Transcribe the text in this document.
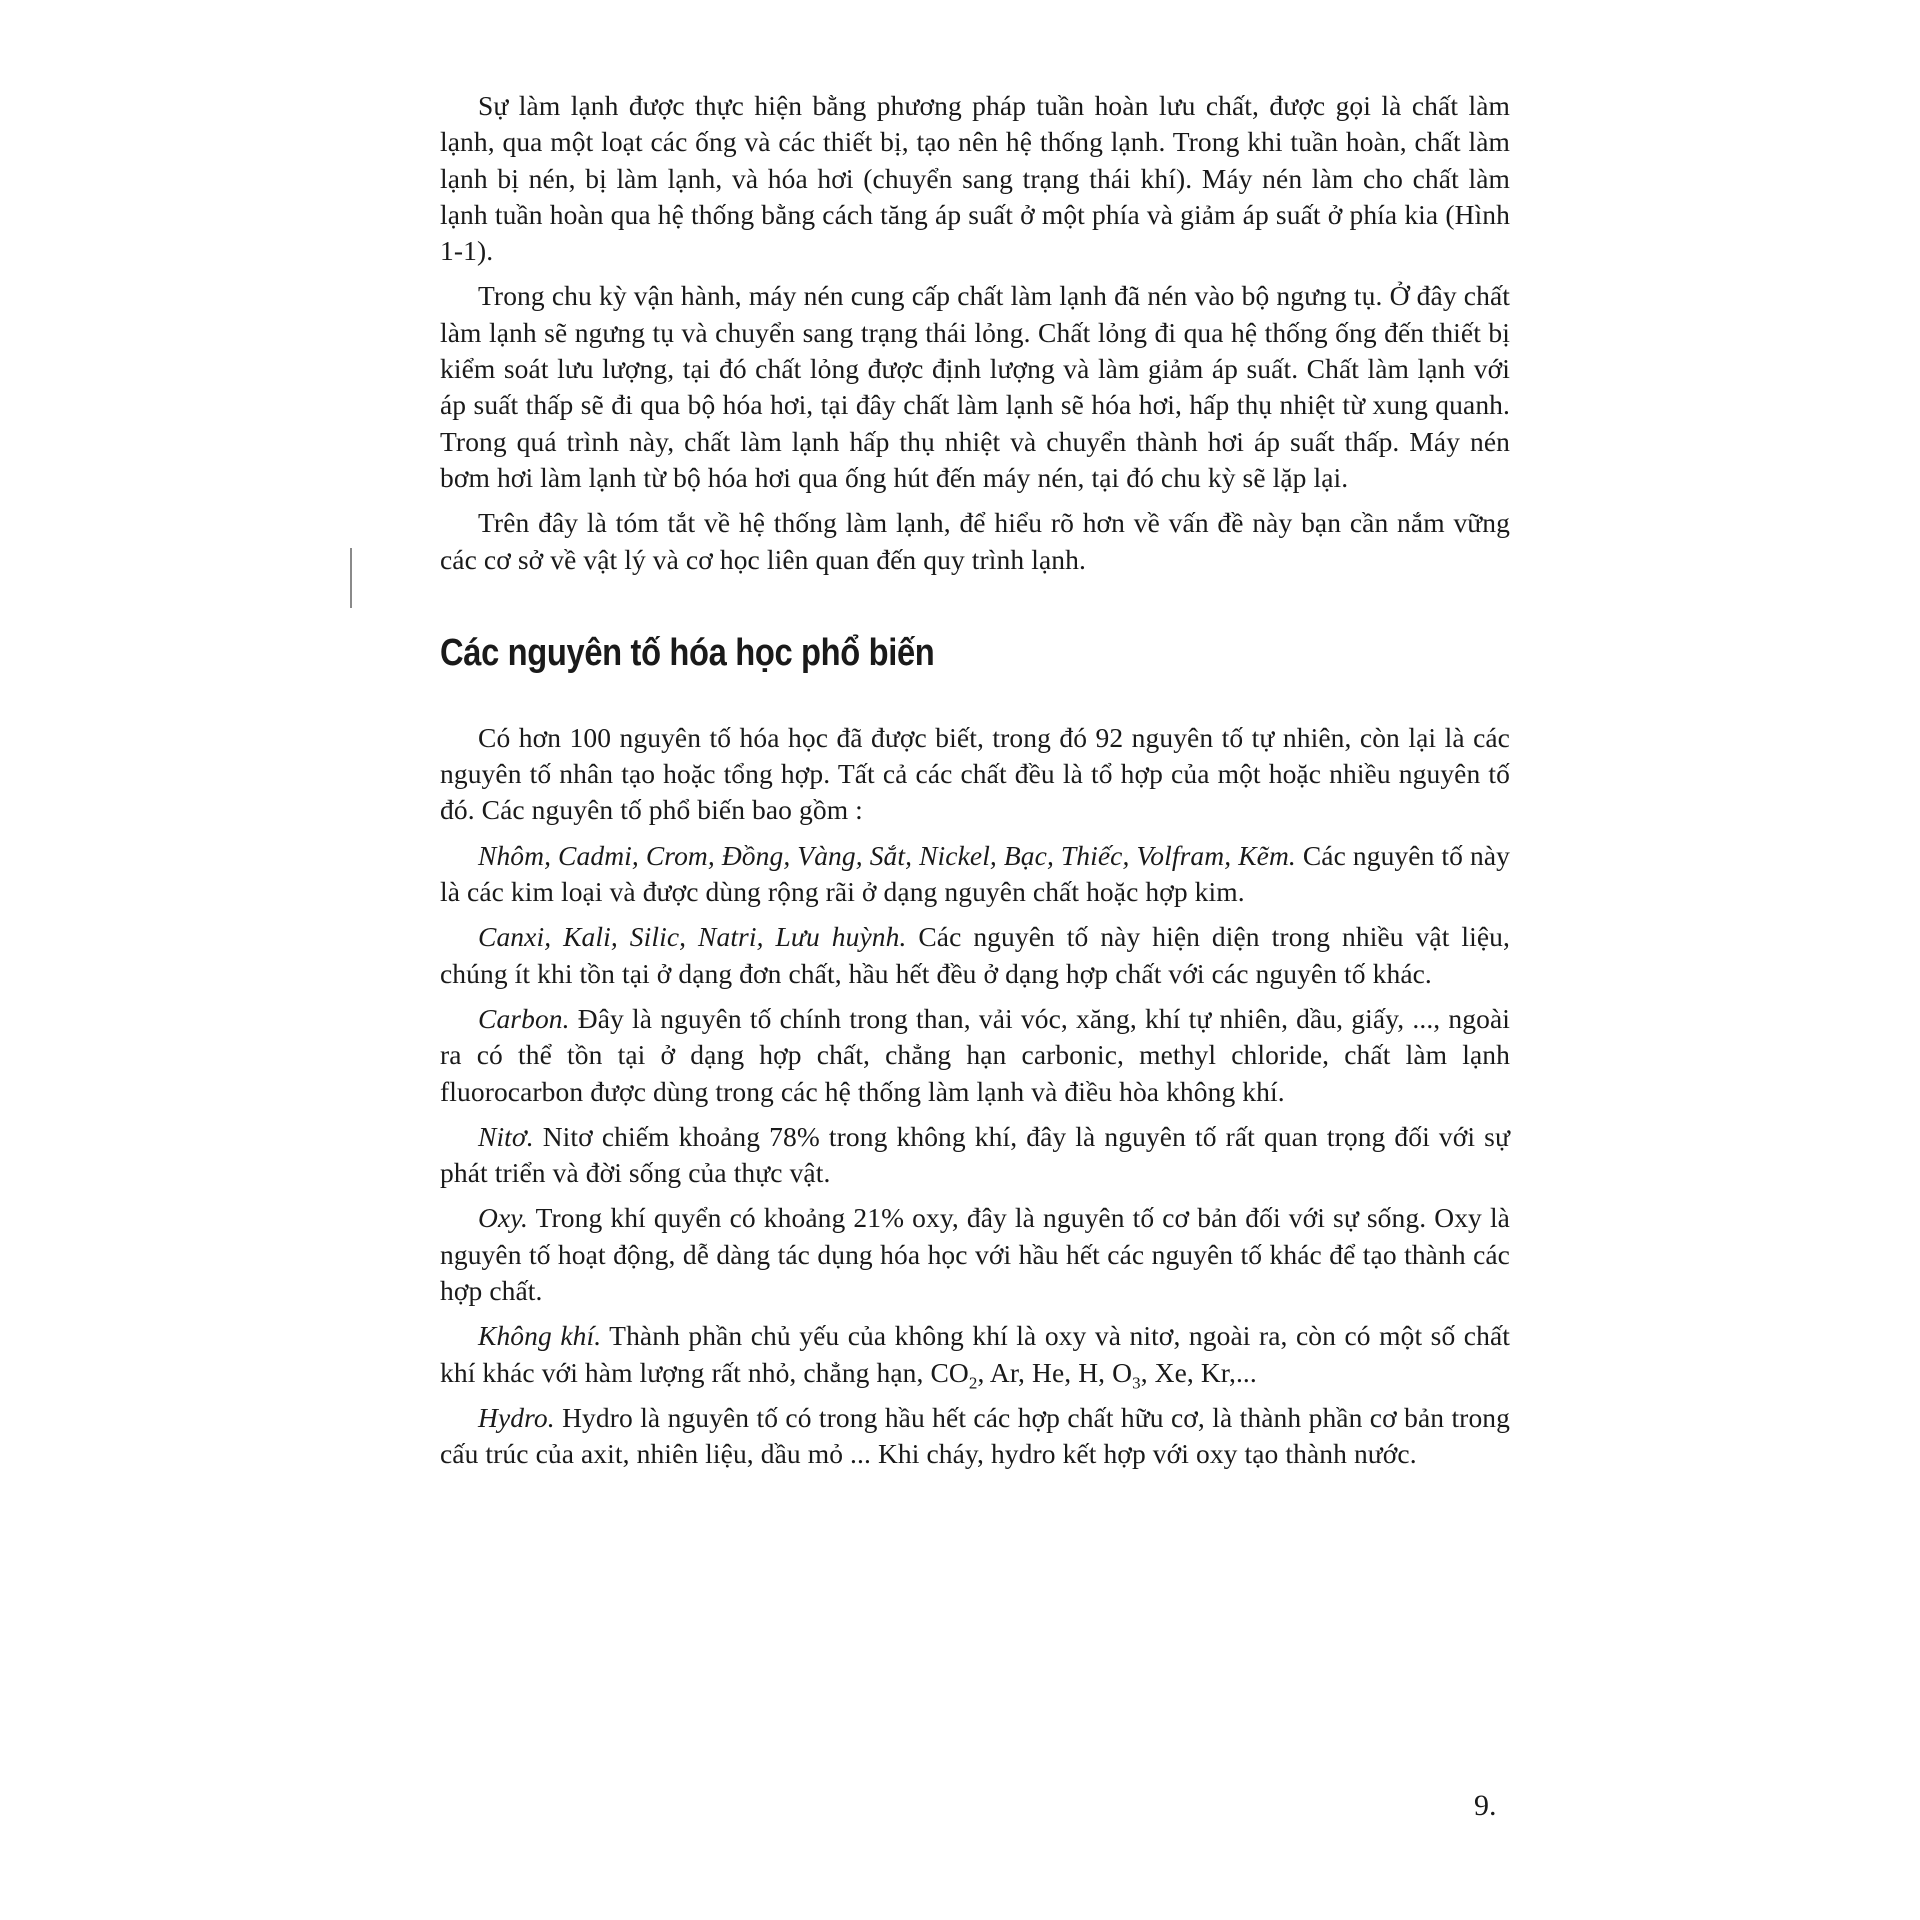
Sự làm lạnh được thực hiện bằng phương pháp tuần hoàn lưu chất, được gọi là chất làm lạnh, qua một loạt các ống và các thiết bị, tạo nên hệ thống lạnh. Trong khi tuần hoàn, chất làm lạnh bị nén, bị làm lạnh, và hóa hơi (chuyển sang trạng thái khí). Máy nén làm cho chất làm lạnh tuần hoàn qua hệ thống bằng cách tăng áp suất ở một phía và giảm áp suất ở phía kia (Hình 1-1).

Trong chu kỳ vận hành, máy nén cung cấp chất làm lạnh đã nén vào bộ ngưng tụ. Ở đây chất làm lạnh sẽ ngưng tụ và chuyển sang trạng thái lỏng. Chất lỏng đi qua hệ thống ống đến thiết bị kiểm soát lưu lượng, tại đó chất lỏng được định lượng và làm giảm áp suất. Chất làm lạnh với áp suất thấp sẽ đi qua bộ hóa hơi, tại đây chất làm lạnh sẽ hóa hơi, hấp thụ nhiệt từ xung quanh. Trong quá trình này, chất làm lạnh hấp thụ nhiệt và chuyển thành hơi áp suất thấp. Máy nén bơm hơi làm lạnh từ bộ hóa hơi qua ống hút đến máy nén, tại đó chu kỳ sẽ lặp lại.

Trên đây là tóm tắt về hệ thống làm lạnh, để hiểu rõ hơn về vấn đề này bạn cần nắm vững các cơ sở về vật lý và cơ học liên quan đến quy trình lạnh.

Các nguyên tố hóa học phổ biến

Có hơn 100 nguyên tố hóa học đã được biết, trong đó 92 nguyên tố tự nhiên, còn lại là các nguyên tố nhân tạo hoặc tổng hợp. Tất cả các chất đều là tổ hợp của một hoặc nhiều nguyên tố đó. Các nguyên tố phổ biến bao gồm :

Nhôm, Cadmi, Crom, Đồng, Vàng, Sắt, Nickel, Bạc, Thiếc, Volfram, Kẽm. Các nguyên tố này là các kim loại và được dùng rộng rãi ở dạng nguyên chất hoặc hợp kim.

Canxi, Kali, Silic, Natri, Lưu huỳnh. Các nguyên tố này hiện diện trong nhiều vật liệu, chúng ít khi tồn tại ở dạng đơn chất, hầu hết đều ở dạng hợp chất với các nguyên tố khác.

Carbon. Đây là nguyên tố chính trong than, vải vóc, xăng, khí tự nhiên, dầu, giấy, ..., ngoài ra có thể tồn tại ở dạng hợp chất, chẳng hạn carbonic, methyl chloride, chất làm lạnh fluorocarbon được dùng trong các hệ thống làm lạnh và điều hòa không khí.

Nitơ. Nitơ chiếm khoảng 78% trong không khí, đây là nguyên tố rất quan trọng đối với sự phát triển và đời sống của thực vật.

Oxy. Trong khí quyển có khoảng 21% oxy, đây là nguyên tố cơ bản đối với sự sống. Oxy là nguyên tố hoạt động, dễ dàng tác dụng hóa học với hầu hết các nguyên tố khác để tạo thành các hợp chất.

Không khí. Thành phần chủ yếu của không khí là oxy và nitơ, ngoài ra, còn có một số chất khí khác với hàm lượng rất nhỏ, chẳng hạn, $CO_2$, Ar, He, H, $O_3$, Xe, Kr,...

Hydro. Hydro là nguyên tố có trong hầu hết các hợp chất hữu cơ, là thành phần cơ bản trong cấu trúc của axit, nhiên liệu, dầu mỏ ... Khi cháy, hydro kết hợp với oxy tạo thành nước.

9.
